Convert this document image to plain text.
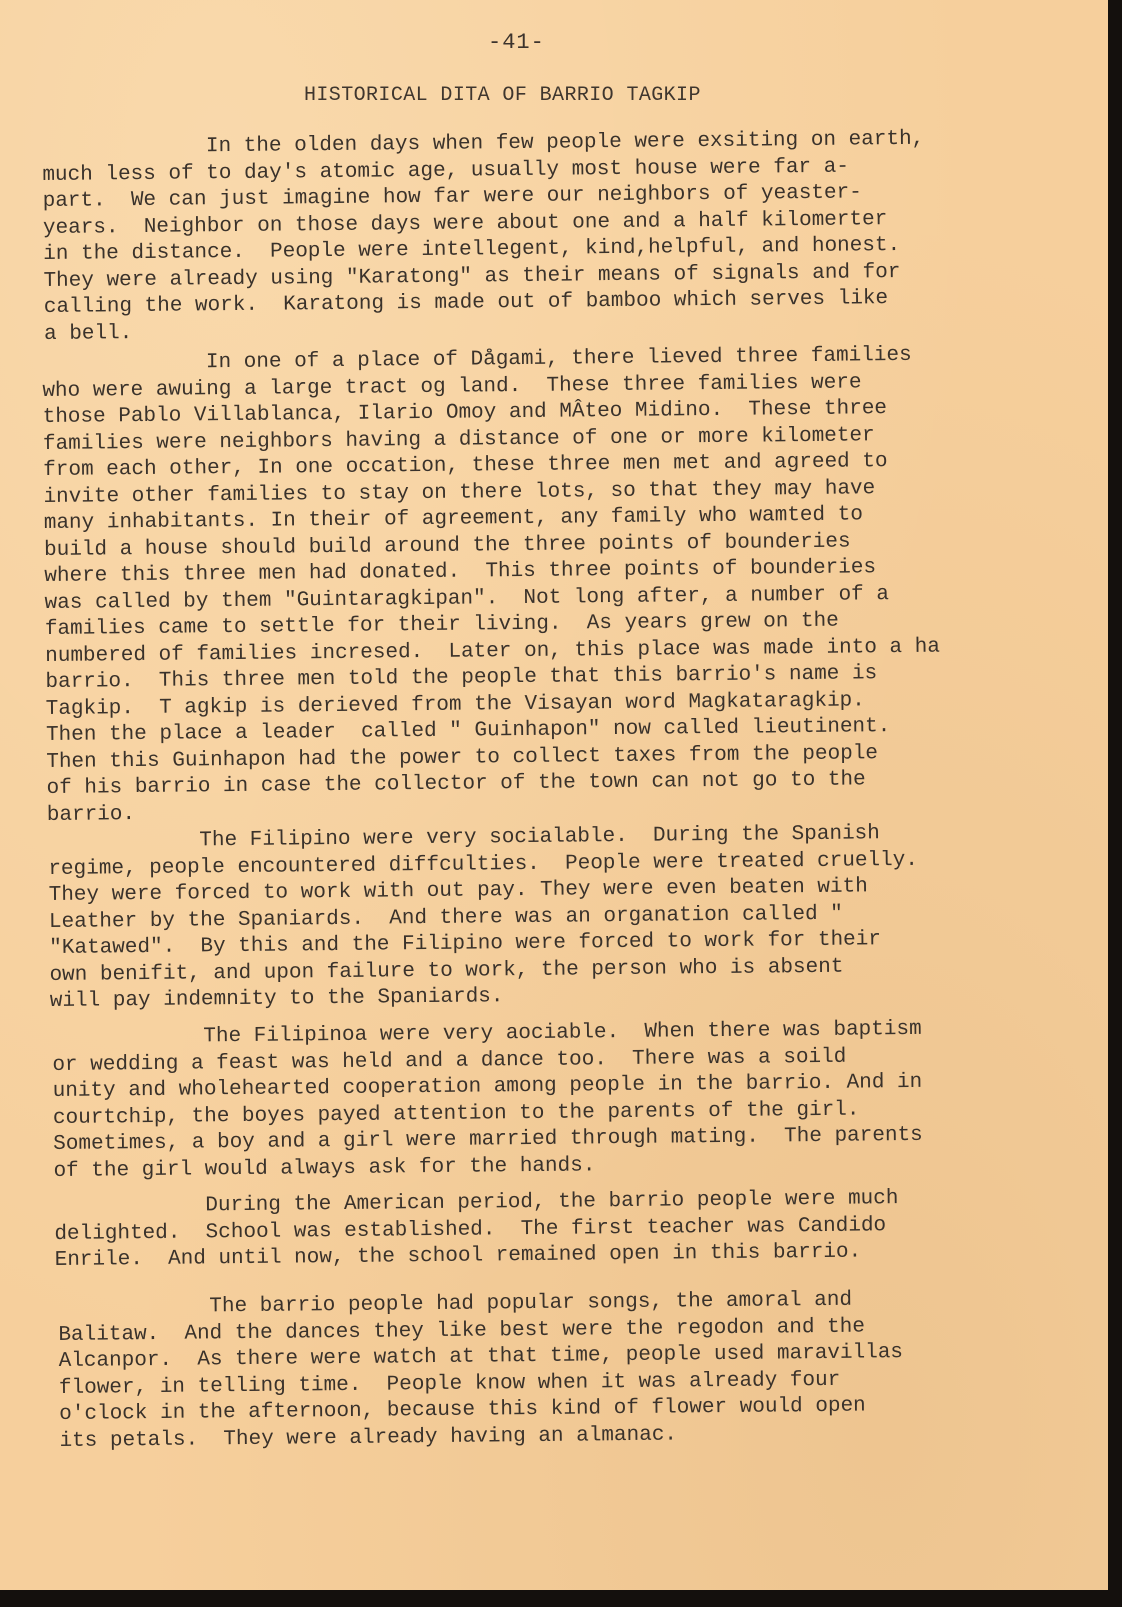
-41-
HISTORICAL DITA OF BARRIO TAGKIP
In the olden days when few people were exsiting on earth,
much less of to day's atomic age, usually most house were far a-
part.  We can just imagine how far were our neighbors of yeaster-
years.  Neighbor on those days were about one and a half kilomerter
in the distance.  People were intellegent, kind,helpful, and honest.
They were already using "Karatong" as their means of signals and for
calling the work.  Karatong is made out of bamboo which serves like
a bell.
In one of a place of Dågami, there lieved three families
who were awuing a large tract og land.  These three families were
those Pablo Villablanca, Ilario Omoy and MÂteo Midino.  These three
families were neighbors having a distance of one or more kilometer
from each other, In one occation, these three men met and agreed to
invite other families to stay on there lots, so that they may have
many inhabitants. In their of agreement, any family who wamted to
build a house should build around the three points of bounderies
where this three men had donated.  This three points of bounderies
was called by them "Guintaragkipan".  Not long after, a number of a
families came to settle for their living.  As years grew on the
numbered of families incresed.  Later on, this place was made into a ha
barrio.  This three men told the people that this barrio's name is
Tagkip.  T agkip is derieved from the Visayan word Magkataragkip.
Then the place a leader  called " Guinhapon" now called lieutinent.
Then this Guinhapon had the power to collect taxes from the people
of his barrio in case the collector of the town can not go to the
barrio.
The Filipino were very socialable.  During the Spanish
regime, people encountered diffculties.  People were treated cruelly.
They were forced to work with out pay. They were even beaten with
Leather by the Spaniards.  And there was an organation called "
"Katawed".  By this and the Filipino were forced to work for their
own benifit, and upon failure to work, the person who is absent
will pay indemnity to the Spaniards.
The Filipinoa were very aociable.  When there was baptism
or wedding a feast was held and a dance too.  There was a soild
unity and wholehearted cooperation among people in the barrio. And in
courtchip, the boyes payed attention to the parents of the girl.
Sometimes, a boy and a girl were married through mating.  The parents
of the girl would always ask for the hands.
During the American period, the barrio people were much
delighted.  School was established.  The first teacher was Candido
Enrile.  And until now, the school remained open in this barrio.
The barrio people had popular songs, the amoral and
Balitaw.  And the dances they like best were the regodon and the
Alcanpor.  As there were watch at that time, people used maravillas
flower, in telling time.  People know when it was already four
o'clock in the afternoon, because this kind of flower would open
its petals.  They were already having an almanac.
